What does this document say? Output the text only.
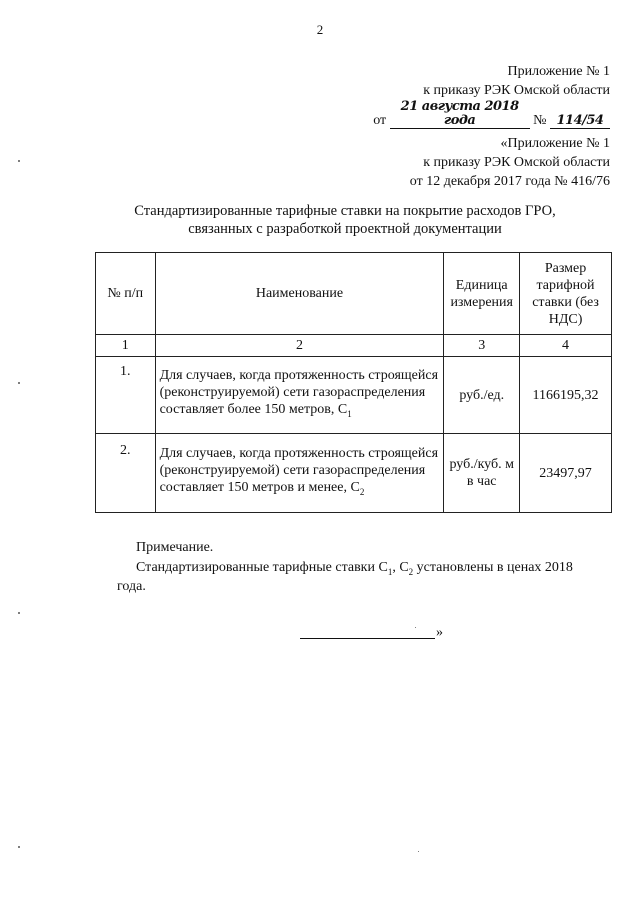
2
Приложение № 1
к приказу РЭК Омской области
от 21 августа 2018 года	№ 114/54
«Приложение № 1
к приказу РЭК Омской области
от 12 декабря 2017 года № 416/76
Стандартизированные тарифные ставки на покрытие расходов ГРО,
связанных с разработкой проектной документации
№ п/п	Наименование	Единица измерения	Размер тарифной ставки (без НДС)
1	2	3	4
1.	Для случаев, когда протяженность строящейся (реконструируемой) сети газораспределения составляет более 150 метров, $С_1$	руб./ед.	1166195,32
2.	Для случаев, когда протяженность строящейся (реконструируемой) сети газораспределения составляет 150 метров и менее, $С_2$	руб./куб. м в час	23497,97
Примечание.
Стандартизированные тарифные ставки $С_1$, $С_2$ установлены в ценах 2018
года.
»
